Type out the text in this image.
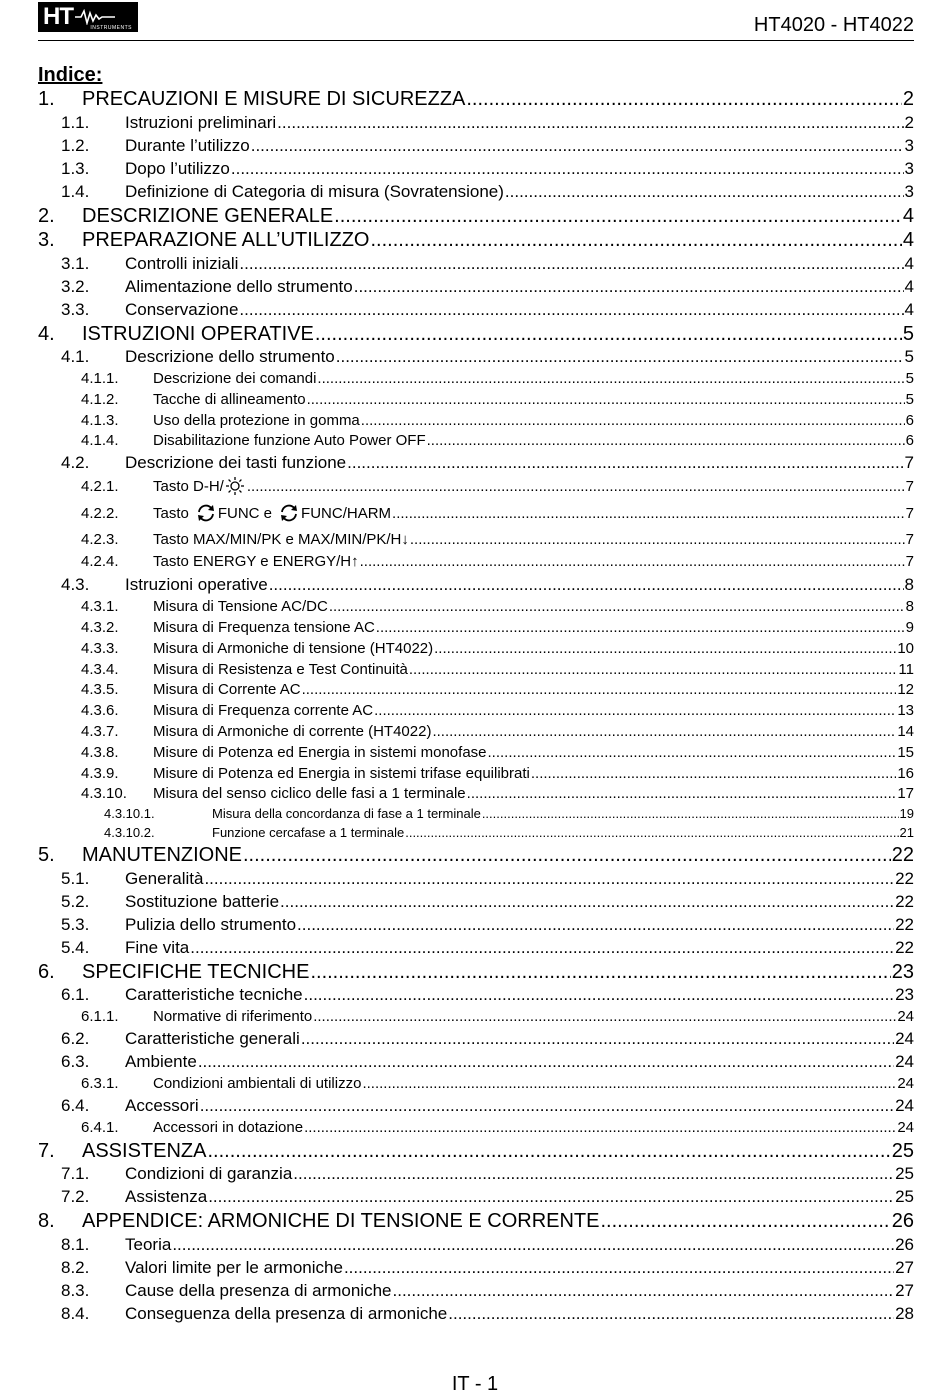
HT	INSTRUMENTS	HT4020 - HT4022
Indice:
1.	PRECAUZIONI E MISURE DI SICUREZZA .....	2
1.1.	Istruzioni preliminari .....	2
1.2.	Durante l’utilizzo .....	3
1.3.	Dopo l’utilizzo .....	3
1.4.	Definizione di Categoria di misura (Sovratensione) .....	3
2.	DESCRIZIONE GENERALE .....	4
3.	PREPARAZIONE ALL’UTILIZZO .....	4
3.1.	Controlli iniziali .....	4
3.2.	Alimentazione dello strumento .....	4
3.3.	Conservazione .....	4
4.	ISTRUZIONI OPERATIVE .....	5
4.1.	Descrizione dello strumento .....	5
4.1.1.	Descrizione dei comandi .....	5
4.1.2.	Tacche di allineamento .....	5
4.1.3.	Uso della protezione in gomma .....	6
4.1.4.	Disabilitazione funzione Auto Power OFF .....	6
4.2.	Descrizione dei tasti funzione .....	7
4.2.1.	Tasto D-H/ .....	7
4.2.2.	Tasto FUNC e FUNC/HARM .....	7
4.2.3.	Tasto MAX/MIN/PK e MAX/MIN/PK/H↓ .....	7
4.2.4.	Tasto ENERGY e ENERGY/H↑ .....	7
4.3.	Istruzioni operative .....	8
4.3.1.	Misura di Tensione AC/DC .....	8
4.3.2.	Misura di Frequenza tensione AC .....	9
4.3.3.	Misura di Armoniche di tensione (HT4022) .....	10
4.3.4.	Misura di Resistenza e Test Continuità .....	11
4.3.5.	Misura di Corrente AC .....	12
4.3.6.	Misura di Frequenza corrente AC .....	13
4.3.7.	Misura di Armoniche di corrente (HT4022) .....	14
4.3.8.	Misure di Potenza ed Energia in sistemi monofase .....	15
4.3.9.	Misure di Potenza ed Energia in sistemi trifase equilibrati .....	16
4.3.10.	Misura del senso ciclico delle fasi a 1 terminale .....	17
4.3.10.1.	Misura della concordanza di fase a 1 terminale .....	19
4.3.10.2.	Funzione cercafase a 1 terminale .....	21
5.	MANUTENZIONE .....	22
5.1.	Generalità .....	22
5.2.	Sostituzione batterie .....	22
5.3.	Pulizia dello strumento .....	22
5.4.	Fine vita .....	22
6.	SPECIFICHE TECNICHE .....	23
6.1.	Caratteristiche tecniche .....	23
6.1.1.	Normative di riferimento .....	24
6.2.	Caratteristiche generali .....	24
6.3.	Ambiente .....	24
6.3.1.	Condizioni ambientali di utilizzo .....	24
6.4.	Accessori .....	24
6.4.1.	Accessori in dotazione .....	24
7.	ASSISTENZA .....	25
7.1.	Condizioni di garanzia .....	25
7.2.	Assistenza .....	25
8.	APPENDICE: ARMONICHE DI TENSIONE E CORRENTE .....	26
8.1.	Teoria .....	26
8.2.	Valori limite per le armoniche .....	27
8.3.	Cause della presenza di armoniche .....	27
8.4.	Conseguenza della presenza di armoniche .....	28
IT - 1
